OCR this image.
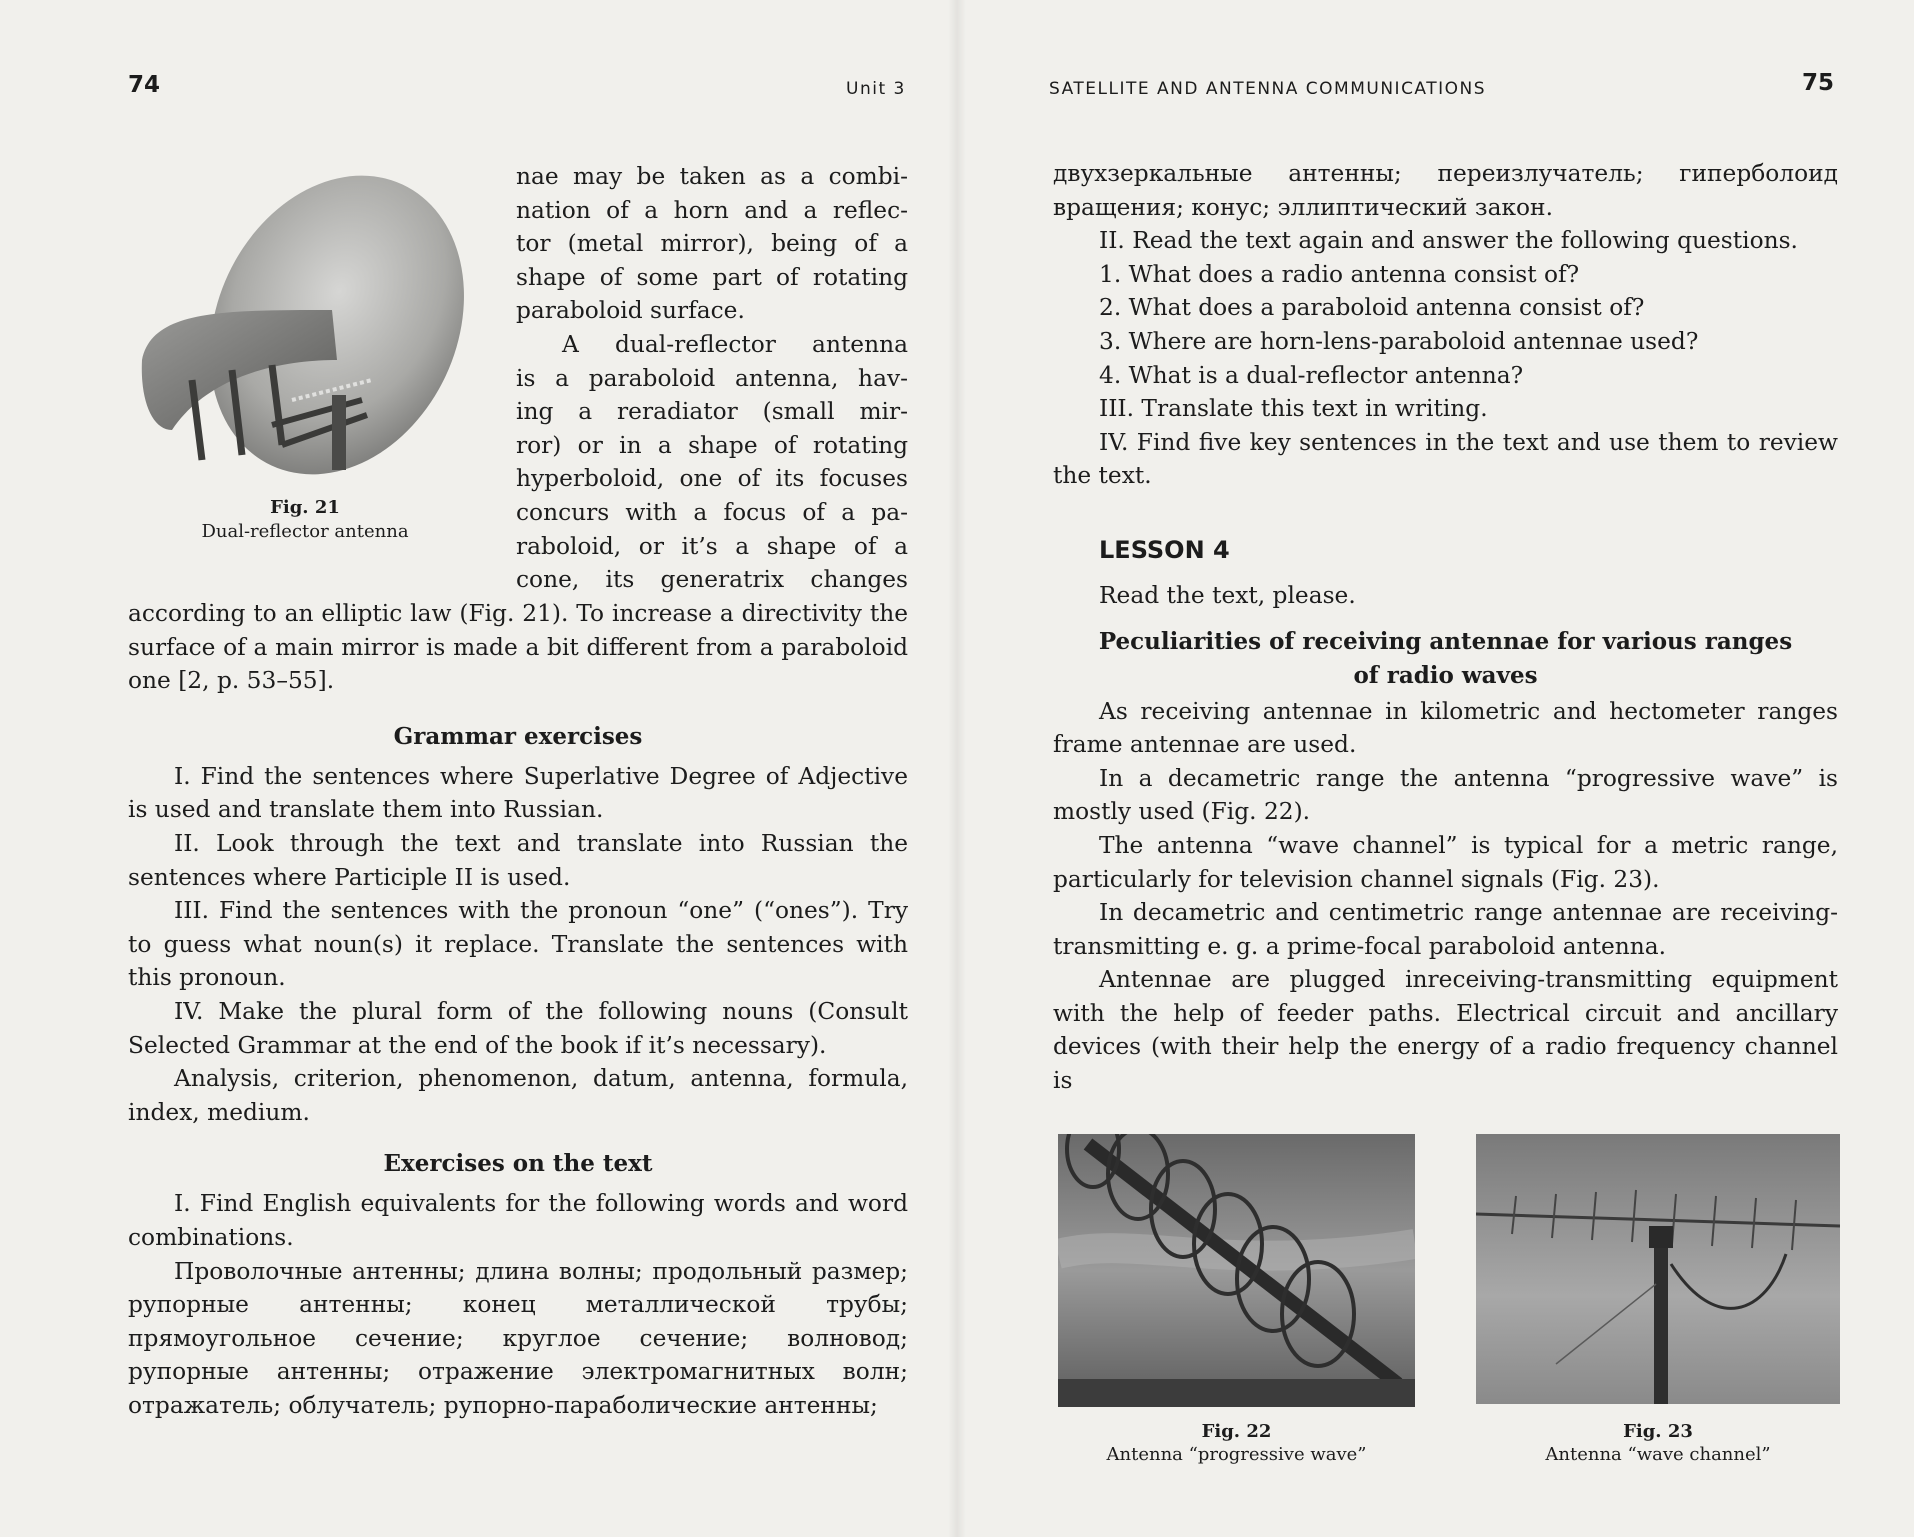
74	Unit 3

Fig. 21

Dual-reflector antenna

nae may be taken as a combi-
nation of a horn and a reflec-
tor (metal mirror), being of a
shape of some part of rotating
paraboloid surface.
A dual-reflector antenna
is a paraboloid antenna, hav-
ing a reradiator (small mir-
ror) or in a shape of rotating
hyperboloid, one of its focuses
concurs with a focus of a pa-
raboloid, or it’s a shape of a
cone, its generatrix changes

according to an elliptic law (Fig. 21). To increase a directivity the surface of a main mirror is made a bit different from a paraboloid one [2, p. 53–55].

Grammar exercises

I. Find the sentences where Superlative Degree of Adjective is used and translate them into Russian.

II. Look through the text and translate into Russian the sentences where Participle II is used.

III. Find the sentences with the pronoun “one” (“ones”). Try to guess what noun(s) it replace. Translate the sentences with this pronoun.

IV. Make the plural form of the following nouns (Consult Selected Grammar at the end of the book if it’s necessary).

Analysis, criterion, phenomenon, datum, antenna, formula, index, medium.

Exercises on the text

I. Find English equivalents for the following words and word combinations.

Проволочные антенны; длина волны; продольный размер; рупорные антенны; конец металлической трубы; прямоугольное сечение; круглое сечение; волновод; рупорные антенны; отражение электромагнитных волн; отражатель; облучатель; рупорно-параболические антенны;

SATELLITE AND ANTENNA COMMUNICATIONS	75

двухзеркальные антенны; переизлучатель; гиперболоид вращения; конус; эллиптический закон.

II. Read the text again and answer the following questions.

1. What does a radio antenna consist of?

2. What does a paraboloid antenna consist of?

3. Where are horn-lens-paraboloid antennae used?

4. What is a dual-reflector antenna?

III. Translate this text in writing.

IV. Find five key sentences in the text and use them to review the text.

LESSON 4

Read the text, please.

Peculiarities of receiving antennae for various ranges

of radio waves

As receiving antennae in kilometric and hectometer ranges frame antennae are used.

In a decametric range the antenna “progressive wave” is mostly used (Fig. 22).

The antenna “wave channel” is typical for a metric range, particularly for television channel signals (Fig. 23).

In decametric and centimetric range antennae are receiving-transmitting e. g. a prime-focal paraboloid antenna.

Antennae are plugged inreceiving-transmitting equipment with the help of feeder paths. Electrical circuit and ancillary devices (with their help the energy of a radio frequency channel is

Fig. 22

Antenna “progressive wave”

Fig. 23

Antenna “wave channel”
